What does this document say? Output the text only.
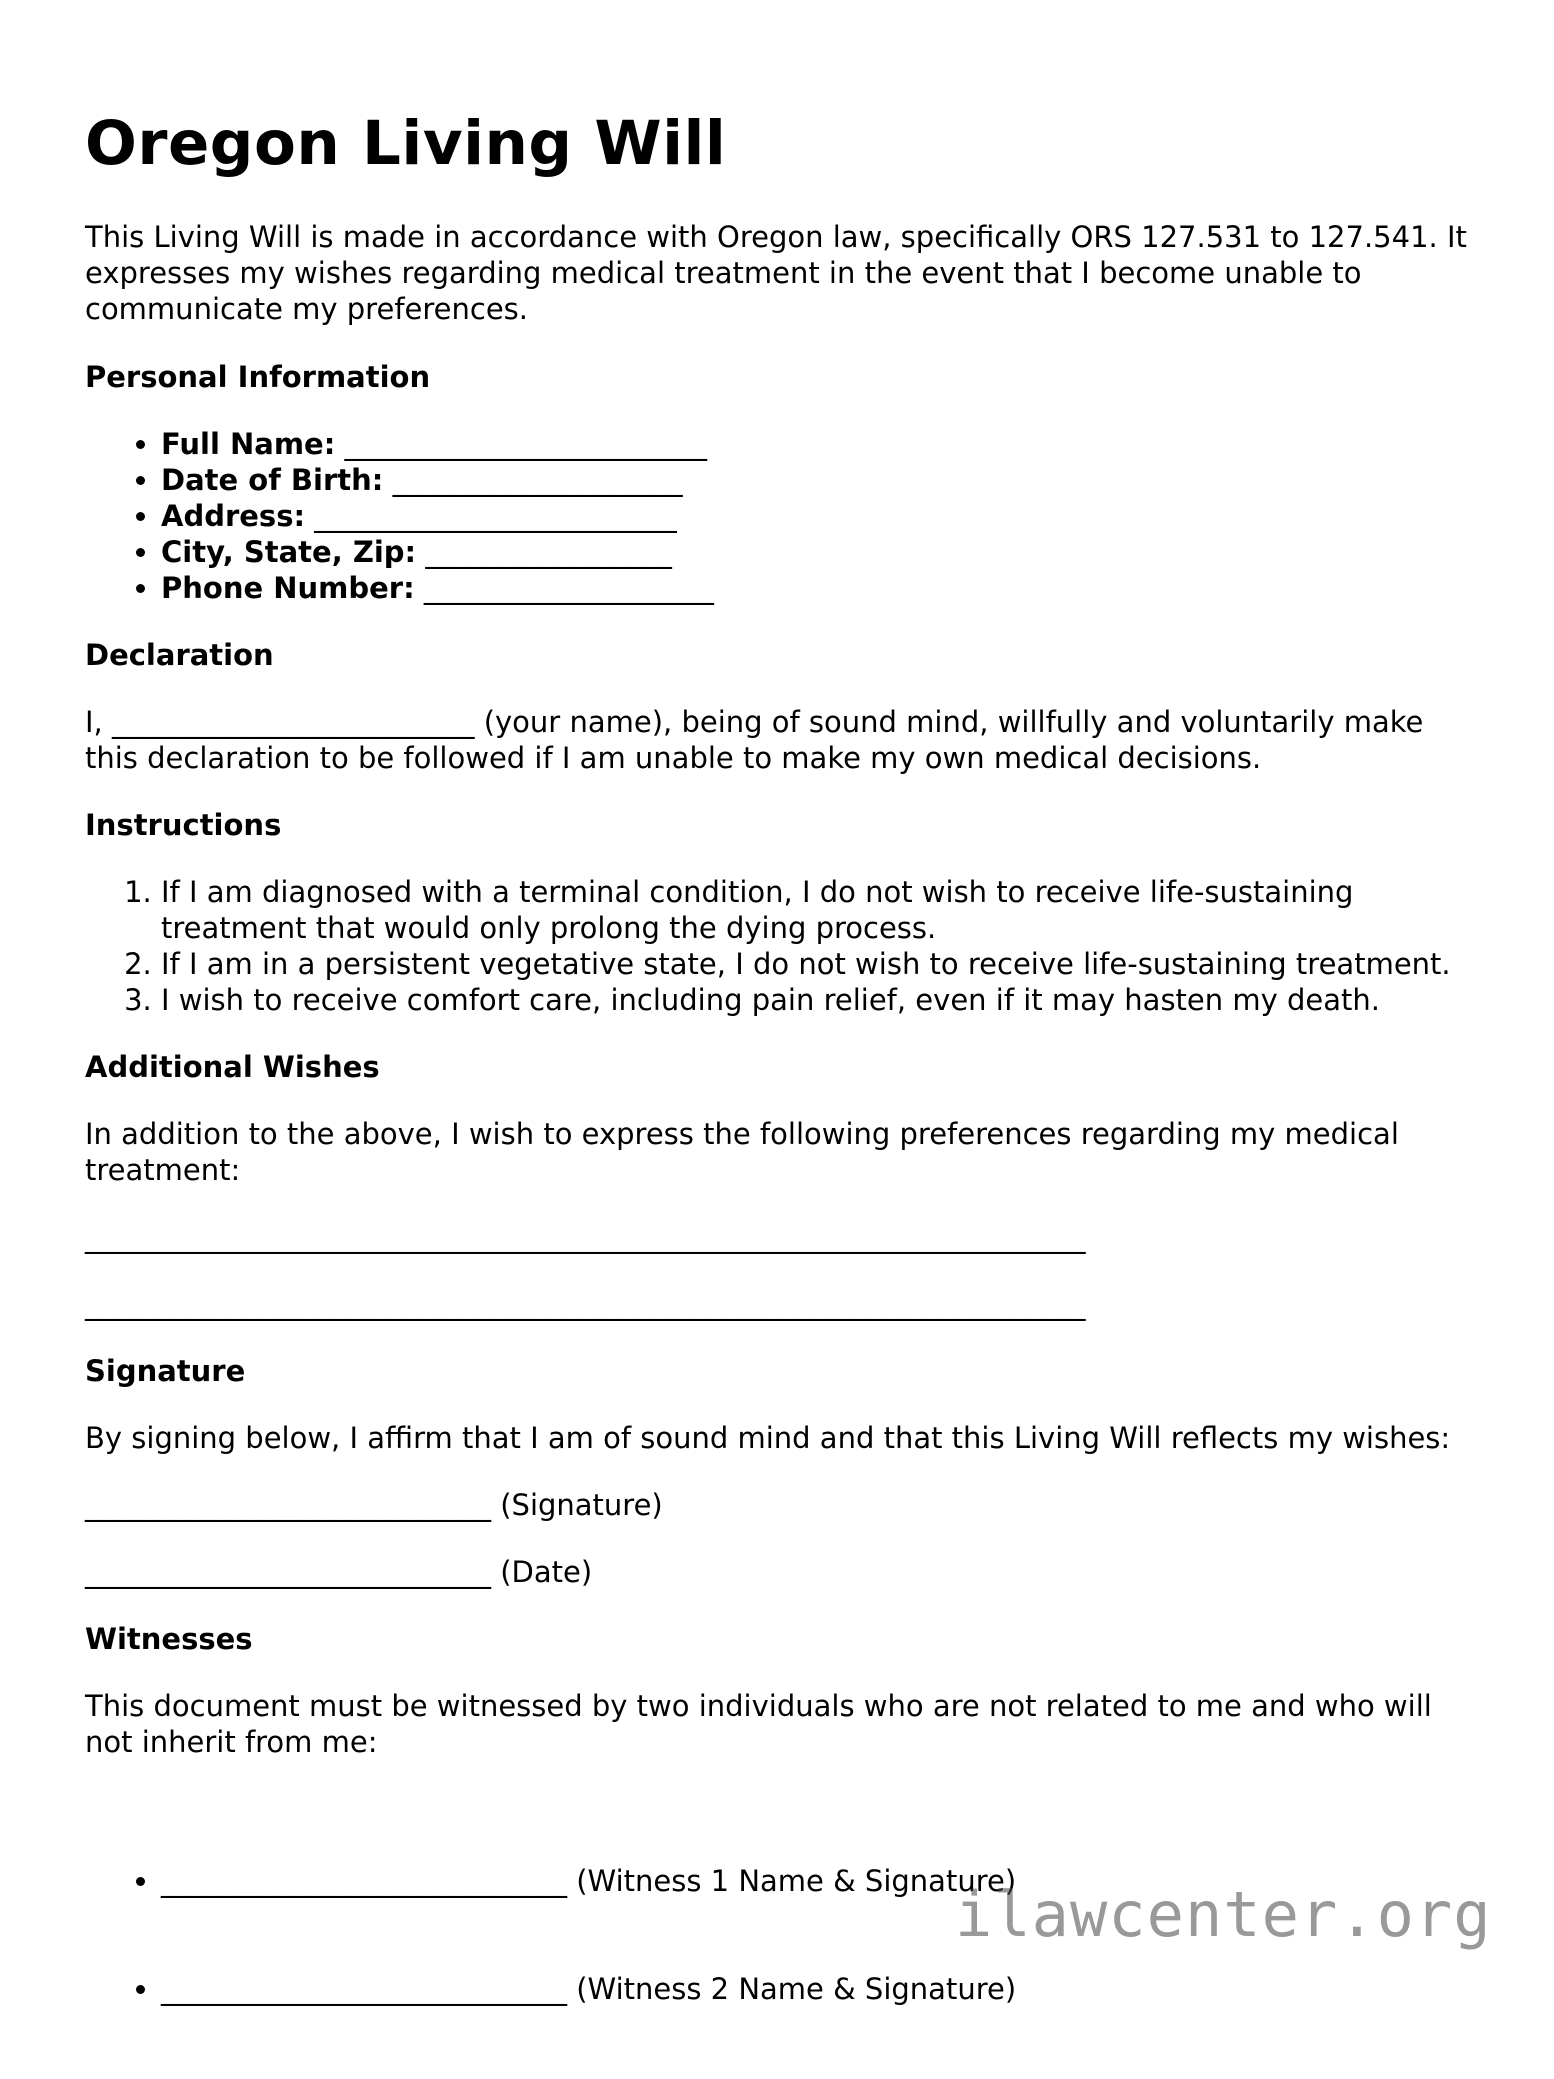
Oregon Living Will

This Living Will is made in accordance with Oregon law, specifically ORS 127.531 to 127.541. It expresses my wishes regarding medical treatment in the event that I become unable to communicate my preferences.

Personal Information
• Full Name: _________________________
• Date of Birth: ____________________
• Address: _________________________
• City, State, Zip: _________________
• Phone Number: ____________________
Declaration

I, _________________________ (your name), being of sound mind, willfully and voluntarily make this declaration to be followed if I am unable to make my own medical decisions.

Instructions
1. If I am diagnosed with a terminal condition, I do not wish to receive life-sustaining treatment that would only prolong the dying process.
2. If I am in a persistent vegetative state, I do not wish to receive life-sustaining treatment.
3. I wish to receive comfort care, including pain relief, even if it may hasten my death.
Additional Wishes

In addition to the above, I wish to express the following preferences regarding my medical treatment:

_____________________________________________________________________

_____________________________________________________________________

Signature

By signing below, I affirm that I am of sound mind and that this Living Will reflects my wishes:

____________________________ (Signature)

____________________________ (Date)

Witnesses

This document must be witnessed by two individuals who are not related to me and who will not inherit from me:

• ____________________________ (Witness 1 Name & Signature)

• ____________________________ (Witness 2 Name & Signature)

ilawcenter.org
